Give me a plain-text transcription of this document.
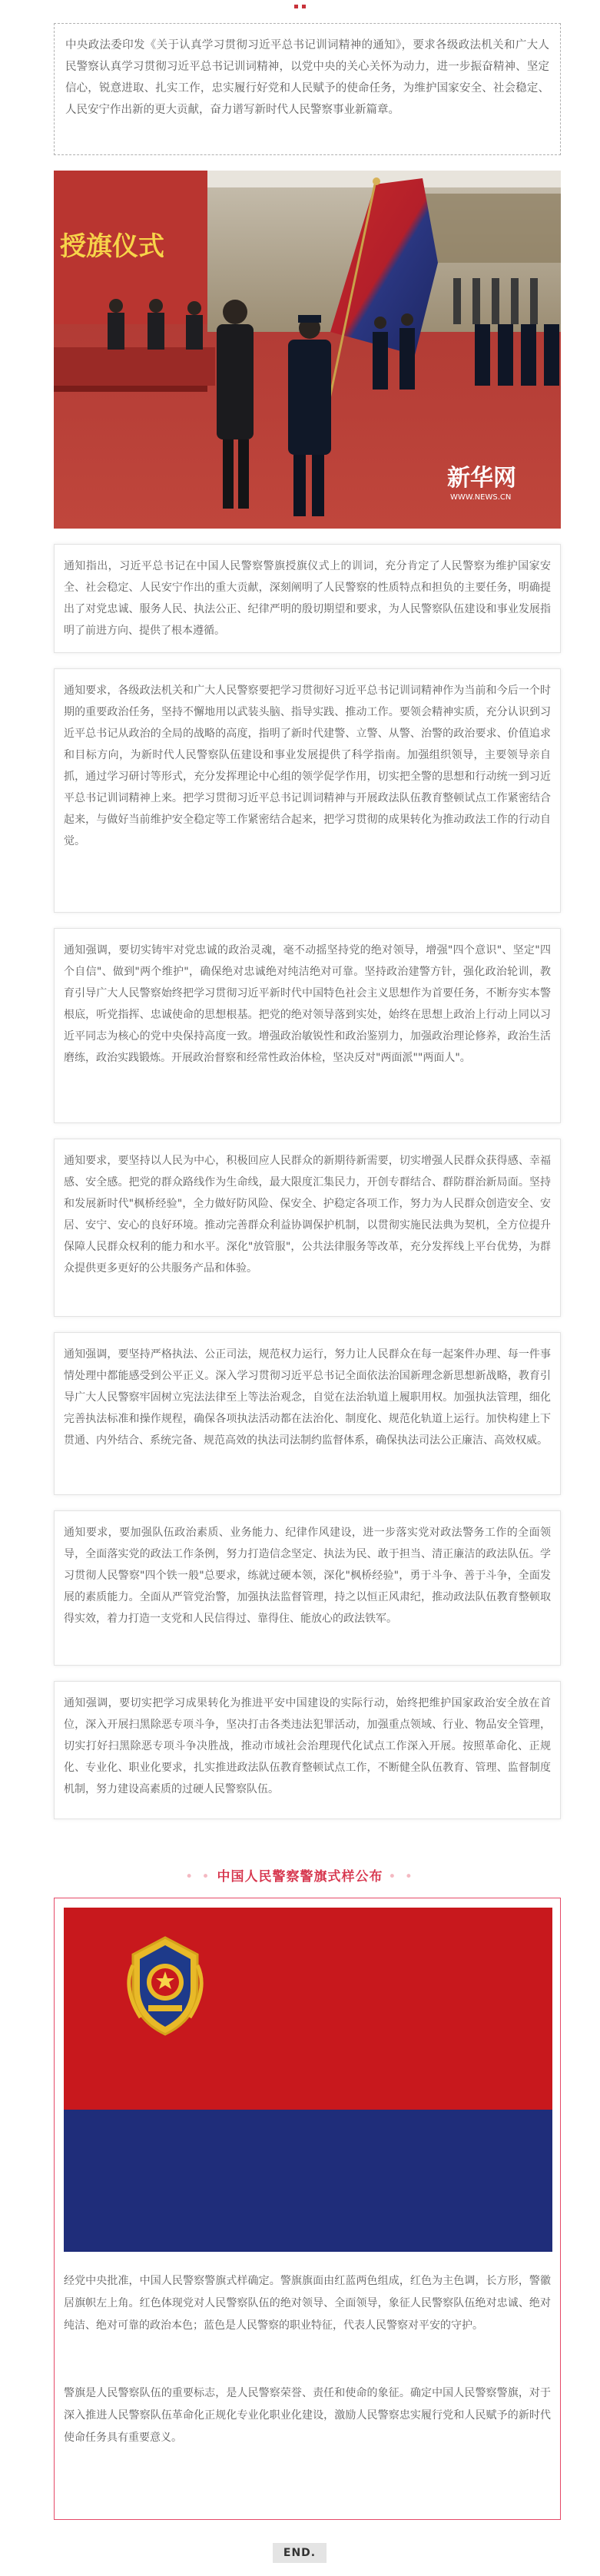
中央政法委印发《关于认真学习贯彻习近平总书记训词精神的通知》，要求各级政法机关和广大人民警察认真学习贯彻习近平总书记训词精神，以党中央的关心关怀为动力，进一步振奋精神、坚定信心，锐意进取、扎实工作，忠实履行好党和人民赋予的使命任务，为维护国家安全、社会稳定、人民安宁作出新的更大贡献，奋力谱写新时代人民警察事业新篇章。
授旗仪式
新华网
WWW.NEWS.CN
通知指出，习近平总书记在中国人民警察警旗授旗仪式上的训词，充分肯定了人民警察为维护国家安全、社会稳定、人民安宁作出的重大贡献，深刻阐明了人民警察的性质特点和担负的主要任务，明确提出了对党忠诚、服务人民、执法公正、纪律严明的殷切期望和要求，为人民警察队伍建设和事业发展指明了前进方向、提供了根本遵循。
通知要求，各级政法机关和广大人民警察要把学习贯彻好习近平总书记训词精神作为当前和今后一个时期的重要政治任务，坚持不懈地用以武装头脑、指导实践、推动工作。要领会精神实质，充分认识到习近平总书记从政治的全局的战略的高度，指明了新时代建警、立警、从警、治警的政治要求、价值追求和目标方向，为新时代人民警察队伍建设和事业发展提供了科学指南。加强组织领导，主要领导亲自抓，通过学习研讨等形式，充分发挥理论中心组的领学促学作用，切实把全警的思想和行动统一到习近平总书记训词精神上来。把学习贯彻习近平总书记训词精神与开展政法队伍教育整顿试点工作紧密结合起来，与做好当前维护安全稳定等工作紧密结合起来，把学习贯彻的成果转化为推动政法工作的行动自觉。
通知强调，要切实铸牢对党忠诚的政治灵魂，毫不动摇坚持党的绝对领导，增强"四个意识"、坚定"四个自信"、做到"两个维护"，确保绝对忠诚绝对纯洁绝对可靠。坚持政治建警方针，强化政治轮训，教育引导广大人民警察始终把学习贯彻习近平新时代中国特色社会主义思想作为首要任务，不断夯实本警根底，听党指挥、忠诚使命的思想根基。把党的绝对领导落到实处，始终在思想上政治上行动上同以习近平同志为核心的党中央保持高度一致。增强政治敏锐性和政治鉴别力，加强政治理论修养，政治生活磨练，政治实践锻炼。开展政治督察和经常性政治体检，坚决反对"两面派""两面人"。
通知要求，要坚持以人民为中心，积极回应人民群众的新期待新需要，切实增强人民群众获得感、幸福感、安全感。把党的群众路线作为生命线，最大限度汇集民力，开创专群结合、群防群治新局面。坚持和发展新时代"枫桥经验"，全力做好防风险、保安全、护稳定各项工作，努力为人民群众创造安全、安居、安宁、安心的良好环境。推动完善群众利益协调保护机制，以贯彻实施民法典为契机，全方位提升保障人民群众权利的能力和水平。深化"放管服"，公共法律服务等改革，充分发挥线上平台优势，为群众提供更多更好的公共服务产品和体验。
通知强调，要坚持严格执法、公正司法，规范权力运行，努力让人民群众在每一起案件办理、每一件事情处理中都能感受到公平正义。深入学习贯彻习近平总书记全面依法治国新理念新思想新战略，教育引导广大人民警察牢固树立宪法法律至上等法治观念，自觉在法治轨道上履职用权。加强执法管理，细化完善执法标准和操作规程，确保各项执法活动都在法治化、制度化、规范化轨道上运行。加快构建上下贯通、内外结合、系统完备、规范高效的执法司法制约监督体系，确保执法司法公正廉洁、高效权威。
通知要求，要加强队伍政治素质、业务能力、纪律作风建设，进一步落实党对政法警务工作的全面领导，全面落实党的政法工作条例，努力打造信念坚定、执法为民、敢于担当、清正廉洁的政法队伍。学习贯彻人民警察"四个铁一般"总要求，练就过硬本领，深化"枫桥经验"，勇于斗争、善于斗争，全面发展的素质能力。全面从严管党治警，加强执法监督管理，持之以恒正风肃纪，推动政法队伍教育整顿取得实效，着力打造一支党和人民信得过、靠得住、能放心的政法铁军。
通知强调，要切实把学习成果转化为推进平安中国建设的实际行动，始终把维护国家政治安全放在首位，深入开展扫黑除恶专项斗争，坚决打击各类违法犯罪活动，加强重点领域、行业、物品安全管理，切实打好扫黑除恶专项斗争决胜战，推动市域社会治理现代化试点工作深入开展。按照革命化、正规化、专业化、职业化要求，扎实推进政法队伍教育整顿试点工作，不断健全队伍教育、管理、监督制度机制，努力建设高素质的过硬人民警察队伍。
• • 中国人民警察警旗式样公布 • •
经党中央批准，中国人民警察警旗式样确定。警旗旗面由红蓝两色组成，红色为主色调，长方形，警徽居旗帜左上角。红色体现党对人民警察队伍的绝对领导、全面领导，象征人民警察队伍绝对忠诚、绝对纯洁、绝对可靠的政治本色；蓝色是人民警察的职业特征，代表人民警察对平安的守护。
警旗是人民警察队伍的重要标志，是人民警察荣誉、责任和使命的象征。确定中国人民警察警旗，对于深入推进人民警察队伍革命化正规化专业化职业化建设，激励人民警察忠实履行党和人民赋予的新时代使命任务具有重要意义。
END.
